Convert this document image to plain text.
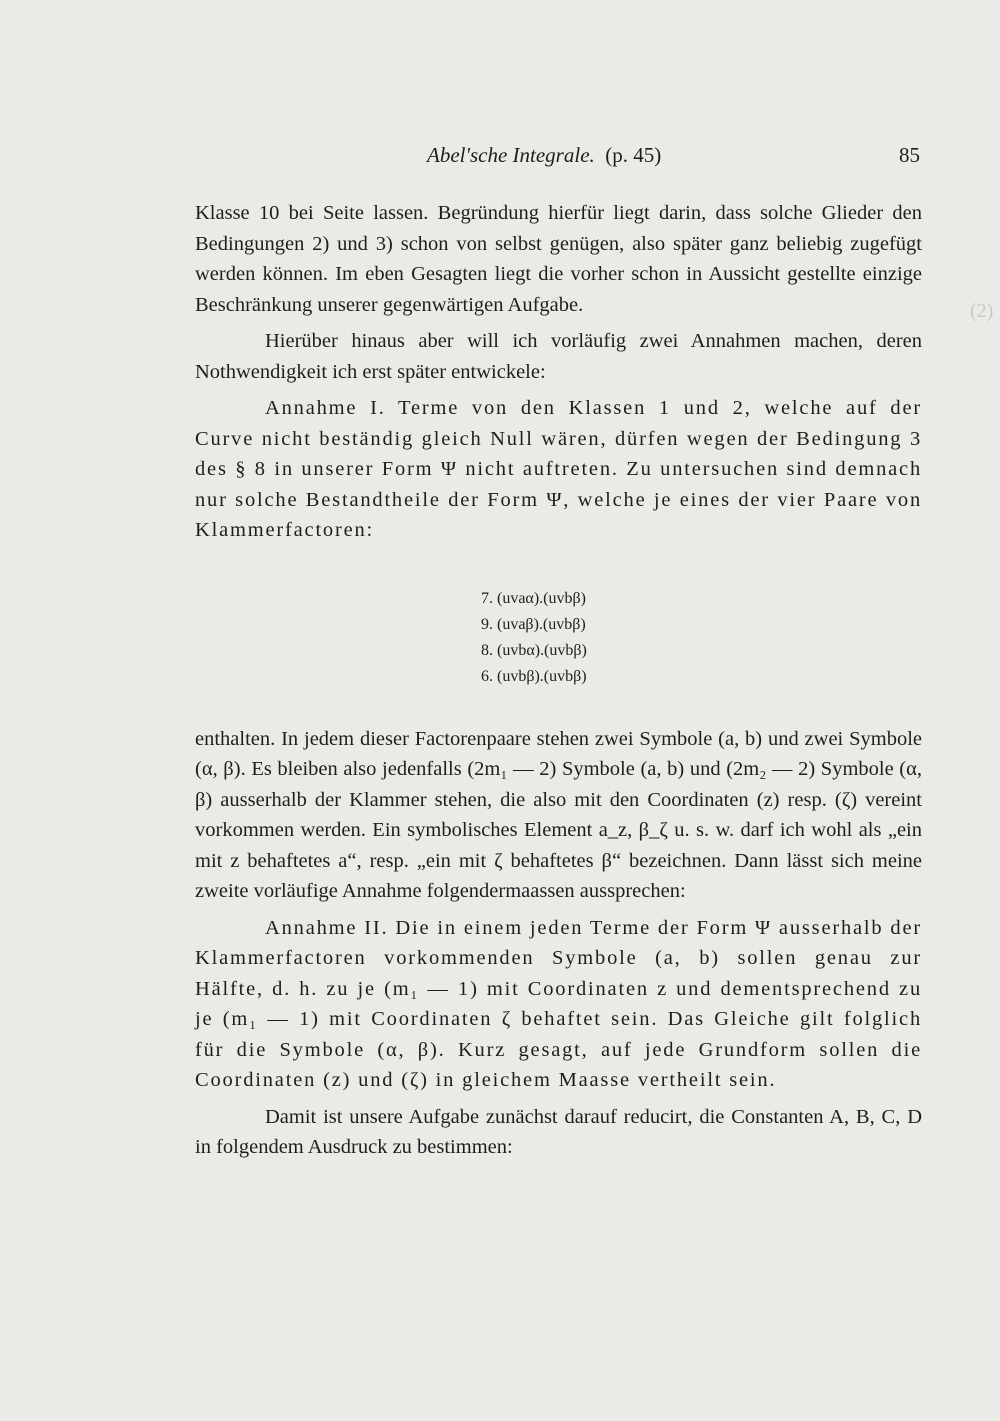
(2)
Abel'sche Integrale. (p. 45)	85

Klasse 10 bei Seite lassen. Begründung hierfür liegt darin, dass solche Glieder den Bedingungen 2) und 3) schon von selbst genügen, also später ganz beliebig zugefügt werden können. Im eben Gesagten liegt die vorher schon in Aussicht gestellte einzige Beschränkung unserer gegenwärtigen Aufgabe.

Hierüber hinaus aber will ich vorläufig zwei Annahmen machen, deren Nothwendigkeit ich erst später entwickele:

Annahme I. Terme von den Klassen 1 und 2, welche auf der Curve nicht beständig gleich Null wären, dürfen wegen der Bedingung 3 des § 8 in unserer Form Ψ nicht auftreten. Zu untersuchen sind demnach nur solche Bestandtheile der Form Ψ, welche je eines der vier Paare von Klammerfactoren:

7. (uvaα).(uvbβ)
9. (uvaβ).(uvbβ)
8. (uvbα).(uvbβ)
6. (uvbβ).(uvbβ)

enthalten. In jedem dieser Factorenpaare stehen zwei Symbole (a, b) und zwei Symbole (α, β). Es bleiben also jedenfalls (2m₁ — 2) Symbole (a, b) und (2m₂ — 2) Symbole (α, β) ausserhalb der Klammer stehen, die also mit den Coordinaten (z) resp. (ζ) vereint vorkommen werden. Ein symbolisches Element a_z, β_ζ u. s. w. darf ich wohl als „ein mit z behaftetes a“, resp. „ein mit ζ behaftetes β“ bezeichnen. Dann lässt sich meine zweite vorläufige Annahme folgendermaassen aussprechen:

Annahme II. Die in einem jeden Terme der Form Ψ ausserhalb der Klammerfactoren vorkommenden Symbole (a, b) sollen genau zur Hälfte, d. h. zu je (m₁ — 1) mit Coordinaten z und dementsprechend zu je (m₁ — 1) mit Coordinaten ζ behaftet sein. Das Gleiche gilt folglich für die Symbole (α, β). Kurz gesagt, auf jede Grundform sollen die Coordinaten (z) und (ζ) in gleichem Maasse vertheilt sein.

Damit ist unsere Aufgabe zunächst darauf reducirt, die Constanten A, B, C, D in folgendem Ausdruck zu bestimmen:
